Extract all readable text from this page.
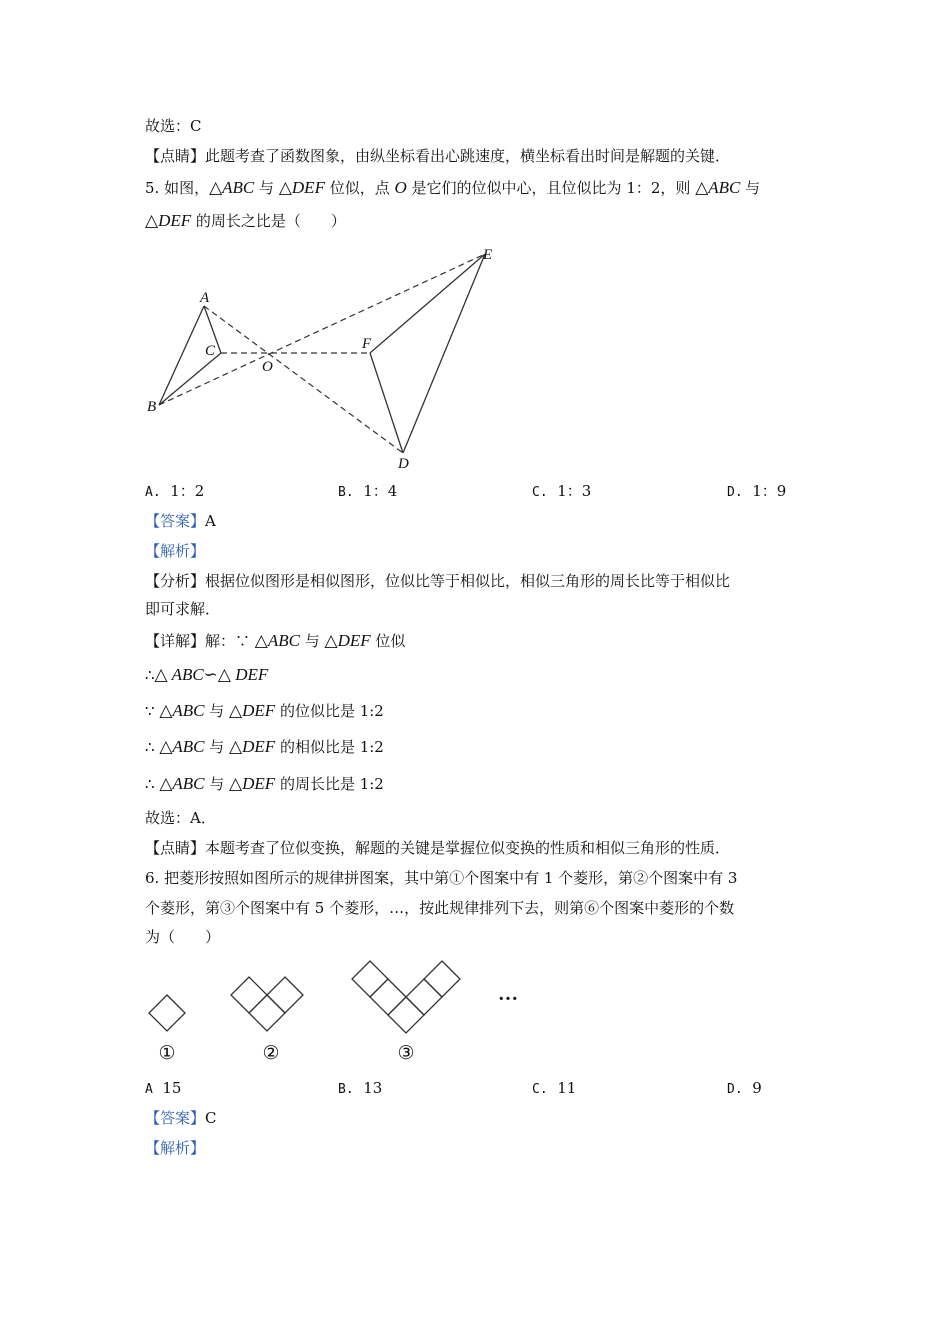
故选：C
【点睛】此题考查了函数图象，由纵坐标看出心跳速度，横坐标看出时间是解题的关键．
5. 如图，△ABC 与 △DEF 位似，点 O 是它们的位似中心，且位似比为 1：2，则 △ABC 与
△DEF 的周长之比是（　　）
A
B
C
O
F
E
D
A. 1：2	B. 1：4	C. 1：3	D. 1：9
【答案】A
【解析】
【分析】根据位似图形是相似图形，位似比等于相似比，相似三角形的周长比等于相似比
即可求解．
【详解】解：∵ △ABC 与 △DEF 位似
∴△ ABC∽△ DEF
∵ △ABC 与 △DEF 的位似比是 1:2
∴ △ABC 与 △DEF 的相似比是 1:2
∴ △ABC 与 △DEF 的周长比是 1:2
故选：A．
【点睛】本题考查了位似变换，解题的关键是掌握位似变换的性质和相似三角形的性质．
6. 把菱形按照如图所示的规律拼图案，其中第①个图案中有 1 个菱形，第②个图案中有 3
个菱形，第③个图案中有 5 个菱形，…，按此规律排列下去，则第⑥个图案中菱形的个数
为（　　）
…
①	②	③
A 15	B. 13	C. 11	D. 9
【答案】C
【解析】
